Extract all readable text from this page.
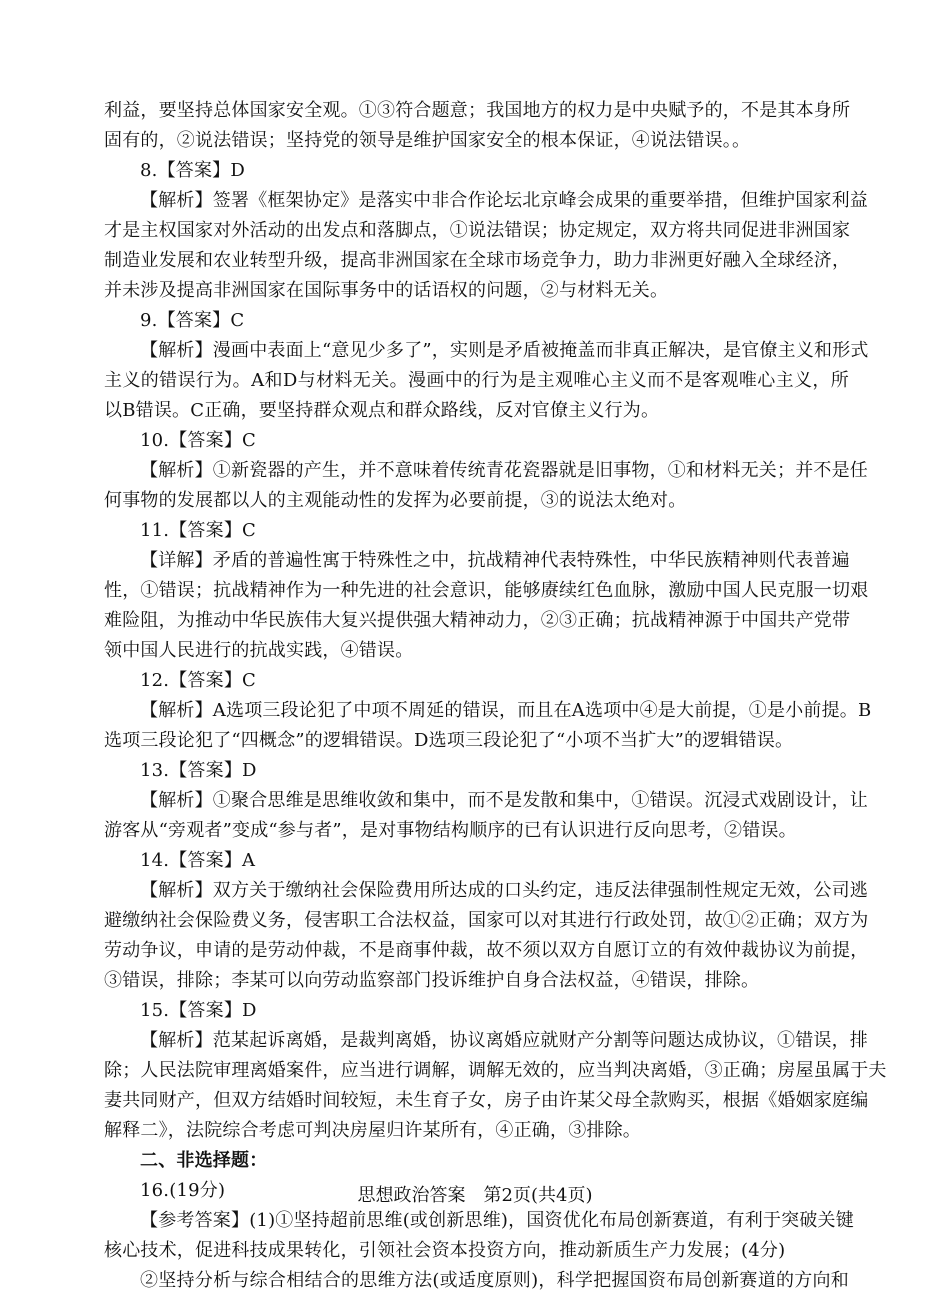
利益，要坚持总体国家安全观。①③符合题意；我国地方的权力是中央赋予的，不是其本身所
固有的，②说法错误；坚持党的领导是维护国家安全的根本保证，④说法错误。。
8.【答案】D
【解析】签署《框架协定》是落实中非合作论坛北京峰会成果的重要举措，但维护国家利益
才是主权国家对外活动的出发点和落脚点，①说法错误；协定规定，双方将共同促进非洲国家
制造业发展和农业转型升级，提高非洲国家在全球市场竞争力，助力非洲更好融入全球经济，
并未涉及提高非洲国家在国际事务中的话语权的问题，②与材料无关。
9.【答案】C
【解析】漫画中表面上“意见少多了”，实则是矛盾被掩盖而非真正解决，是官僚主义和形式
主义的错误行为。A和D与材料无关。漫画中的行为是主观唯心主义而不是客观唯心主义，所
以B错误。C正确，要坚持群众观点和群众路线，反对官僚主义行为。
10.【答案】C
【解析】①新瓷器的产生，并不意味着传统青花瓷器就是旧事物，①和材料无关；并不是任
何事物的发展都以人的主观能动性的发挥为必要前提，③的说法太绝对。
11.【答案】C
【详解】矛盾的普遍性寓于特殊性之中，抗战精神代表特殊性，中华民族精神则代表普遍
性，①错误；抗战精神作为一种先进的社会意识，能够赓续红色血脉，激励中国人民克服一切艰
难险阻，为推动中华民族伟大复兴提供强大精神动力，②③正确；抗战精神源于中国共产党带
领中国人民进行的抗战实践，④错误。
12.【答案】C
【解析】A选项三段论犯了中项不周延的错误，而且在A选项中④是大前提，①是小前提。B
选项三段论犯了“四概念”的逻辑错误。D选项三段论犯了“小项不当扩大”的逻辑错误。
13.【答案】D
【解析】①聚合思维是思维收敛和集中，而不是发散和集中，①错误。沉浸式戏剧设计，让
游客从“旁观者”变成“参与者”，是对事物结构顺序的已有认识进行反向思考，②错误。
14.【答案】A
【解析】双方关于缴纳社会保险费用所达成的口头约定，违反法律强制性规定无效，公司逃
避缴纳社会保险费义务，侵害职工合法权益，国家可以对其进行行政处罚，故①②正确；双方为
劳动争议，申请的是劳动仲裁，不是商事仲裁，故不须以双方自愿订立的有效仲裁协议为前提，
③错误，排除；李某可以向劳动监察部门投诉维护自身合法权益，④错误，排除。
15.【答案】D
【解析】范某起诉离婚，是裁判离婚，协议离婚应就财产分割等问题达成协议，①错误，排
除；人民法院审理离婚案件，应当进行调解，调解无效的，应当判决离婚，③正确；房屋虽属于夫
妻共同财产，但双方结婚时间较短，未生育子女，房子由许某父母全款购买，根据《婚姻家庭编
解释二》，法院综合考虑可判决房屋归许某所有，④正确，③排除。
二、非选择题：
16.(19分)
【参考答案】(1)①坚持超前思维(或创新思维)，国资优化布局创新赛道，有利于突破关键
核心技术，促进科技成果转化，引领社会资本投资方向，推动新质生产力发展；(4分)
②坚持分析与综合相结合的思维方法(或适度原则)，科学把握国资布局创新赛道的方向和
思想政治答案　第2页(共4页)
